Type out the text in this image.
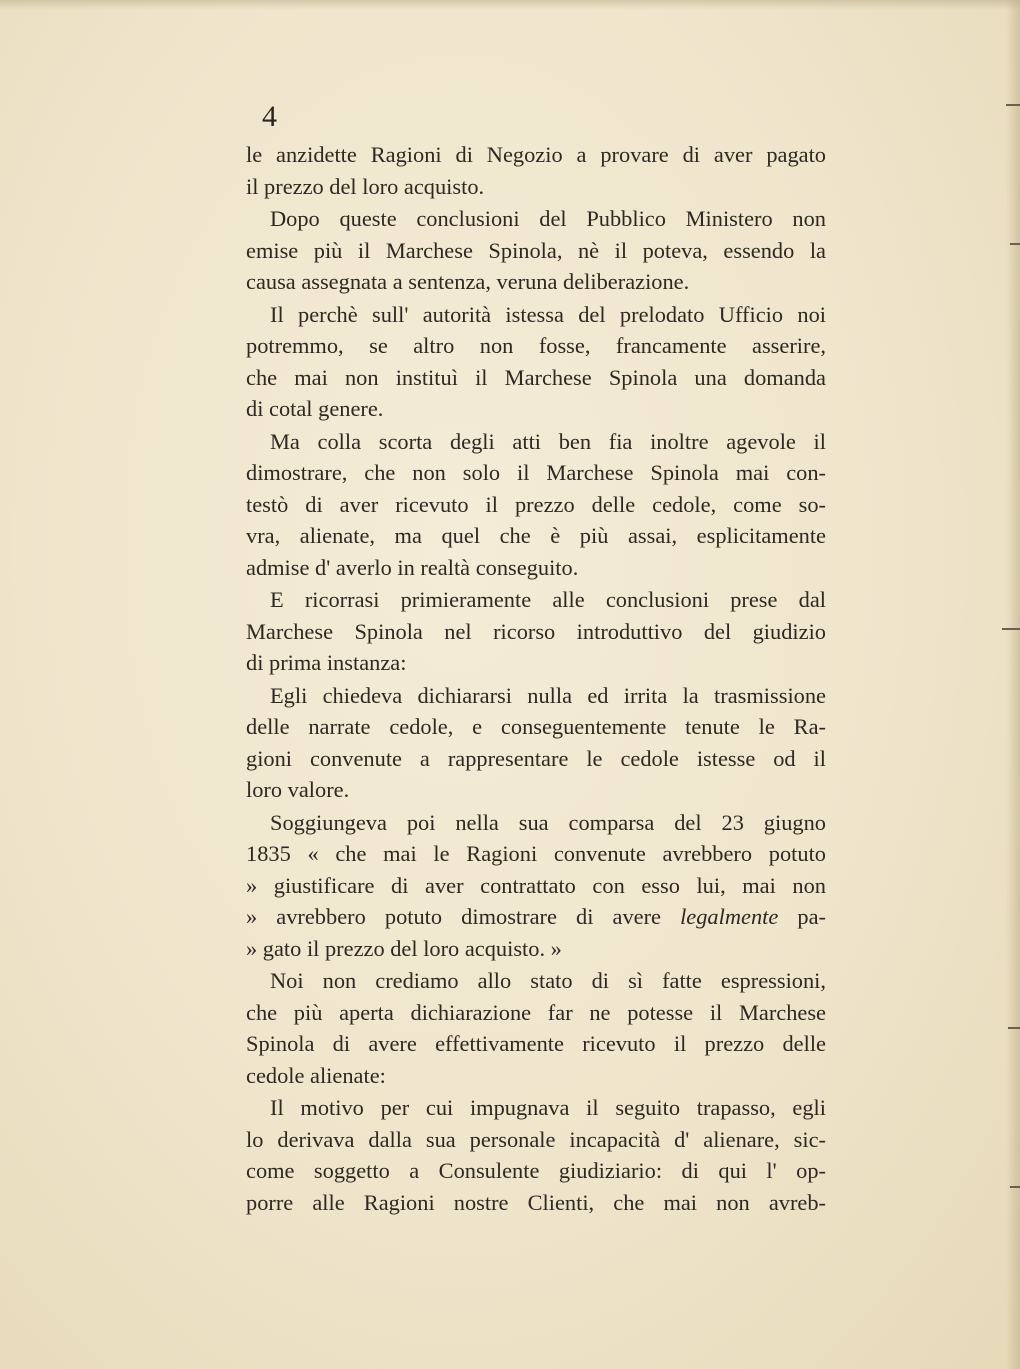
4
le anzidette Ragioni di Negozio a provare di aver pagato
il prezzo del loro acquisto.
Dopo queste conclusioni del Pubblico Ministero non
emise più il Marchese Spinola, nè il poteva, essendo la
causa assegnata a sentenza, veruna deliberazione.
Il perchè sull' autorità istessa del prelodato Ufficio noi
potremmo, se altro non fosse, francamente asserire,
che mai non instituì il Marchese Spinola una domanda
di cotal genere.
Ma colla scorta degli atti ben fia inoltre agevole il
dimostrare, che non solo il Marchese Spinola mai con-
testò di aver ricevuto il prezzo delle cedole, come so-
vra, alienate, ma quel che è più assai, esplicitamente
admise d' averlo in realtà conseguito.
E ricorrasi primieramente alle conclusioni prese dal
Marchese Spinola nel ricorso introduttivo del giudizio
di prima instanza:
Egli chiedeva dichiararsi nulla ed irrita la trasmissione
delle narrate cedole, e conseguentemente tenute le Ra-
gioni convenute a rappresentare le cedole istesse od il
loro valore.
Soggiungeva poi nella sua comparsa del 23 giugno
1835 « che mai le Ragioni convenute avrebbero potuto
» giustificare di aver contrattato con esso lui, mai non
» avrebbero potuto dimostrare di avere legalmente pa-
» gato il prezzo del loro acquisto. »
Noi non crediamo allo stato di sì fatte espressioni,
che più aperta dichiarazione far ne potesse il Marchese
Spinola di avere effettivamente ricevuto il prezzo delle
cedole alienate:
Il motivo per cui impugnava il seguito trapasso, egli
lo derivava dalla sua personale incapacità d' alienare, sic-
come soggetto a Consulente giudiziario: di qui l' op-
porre alle Ragioni nostre Clienti, che mai non avreb-
